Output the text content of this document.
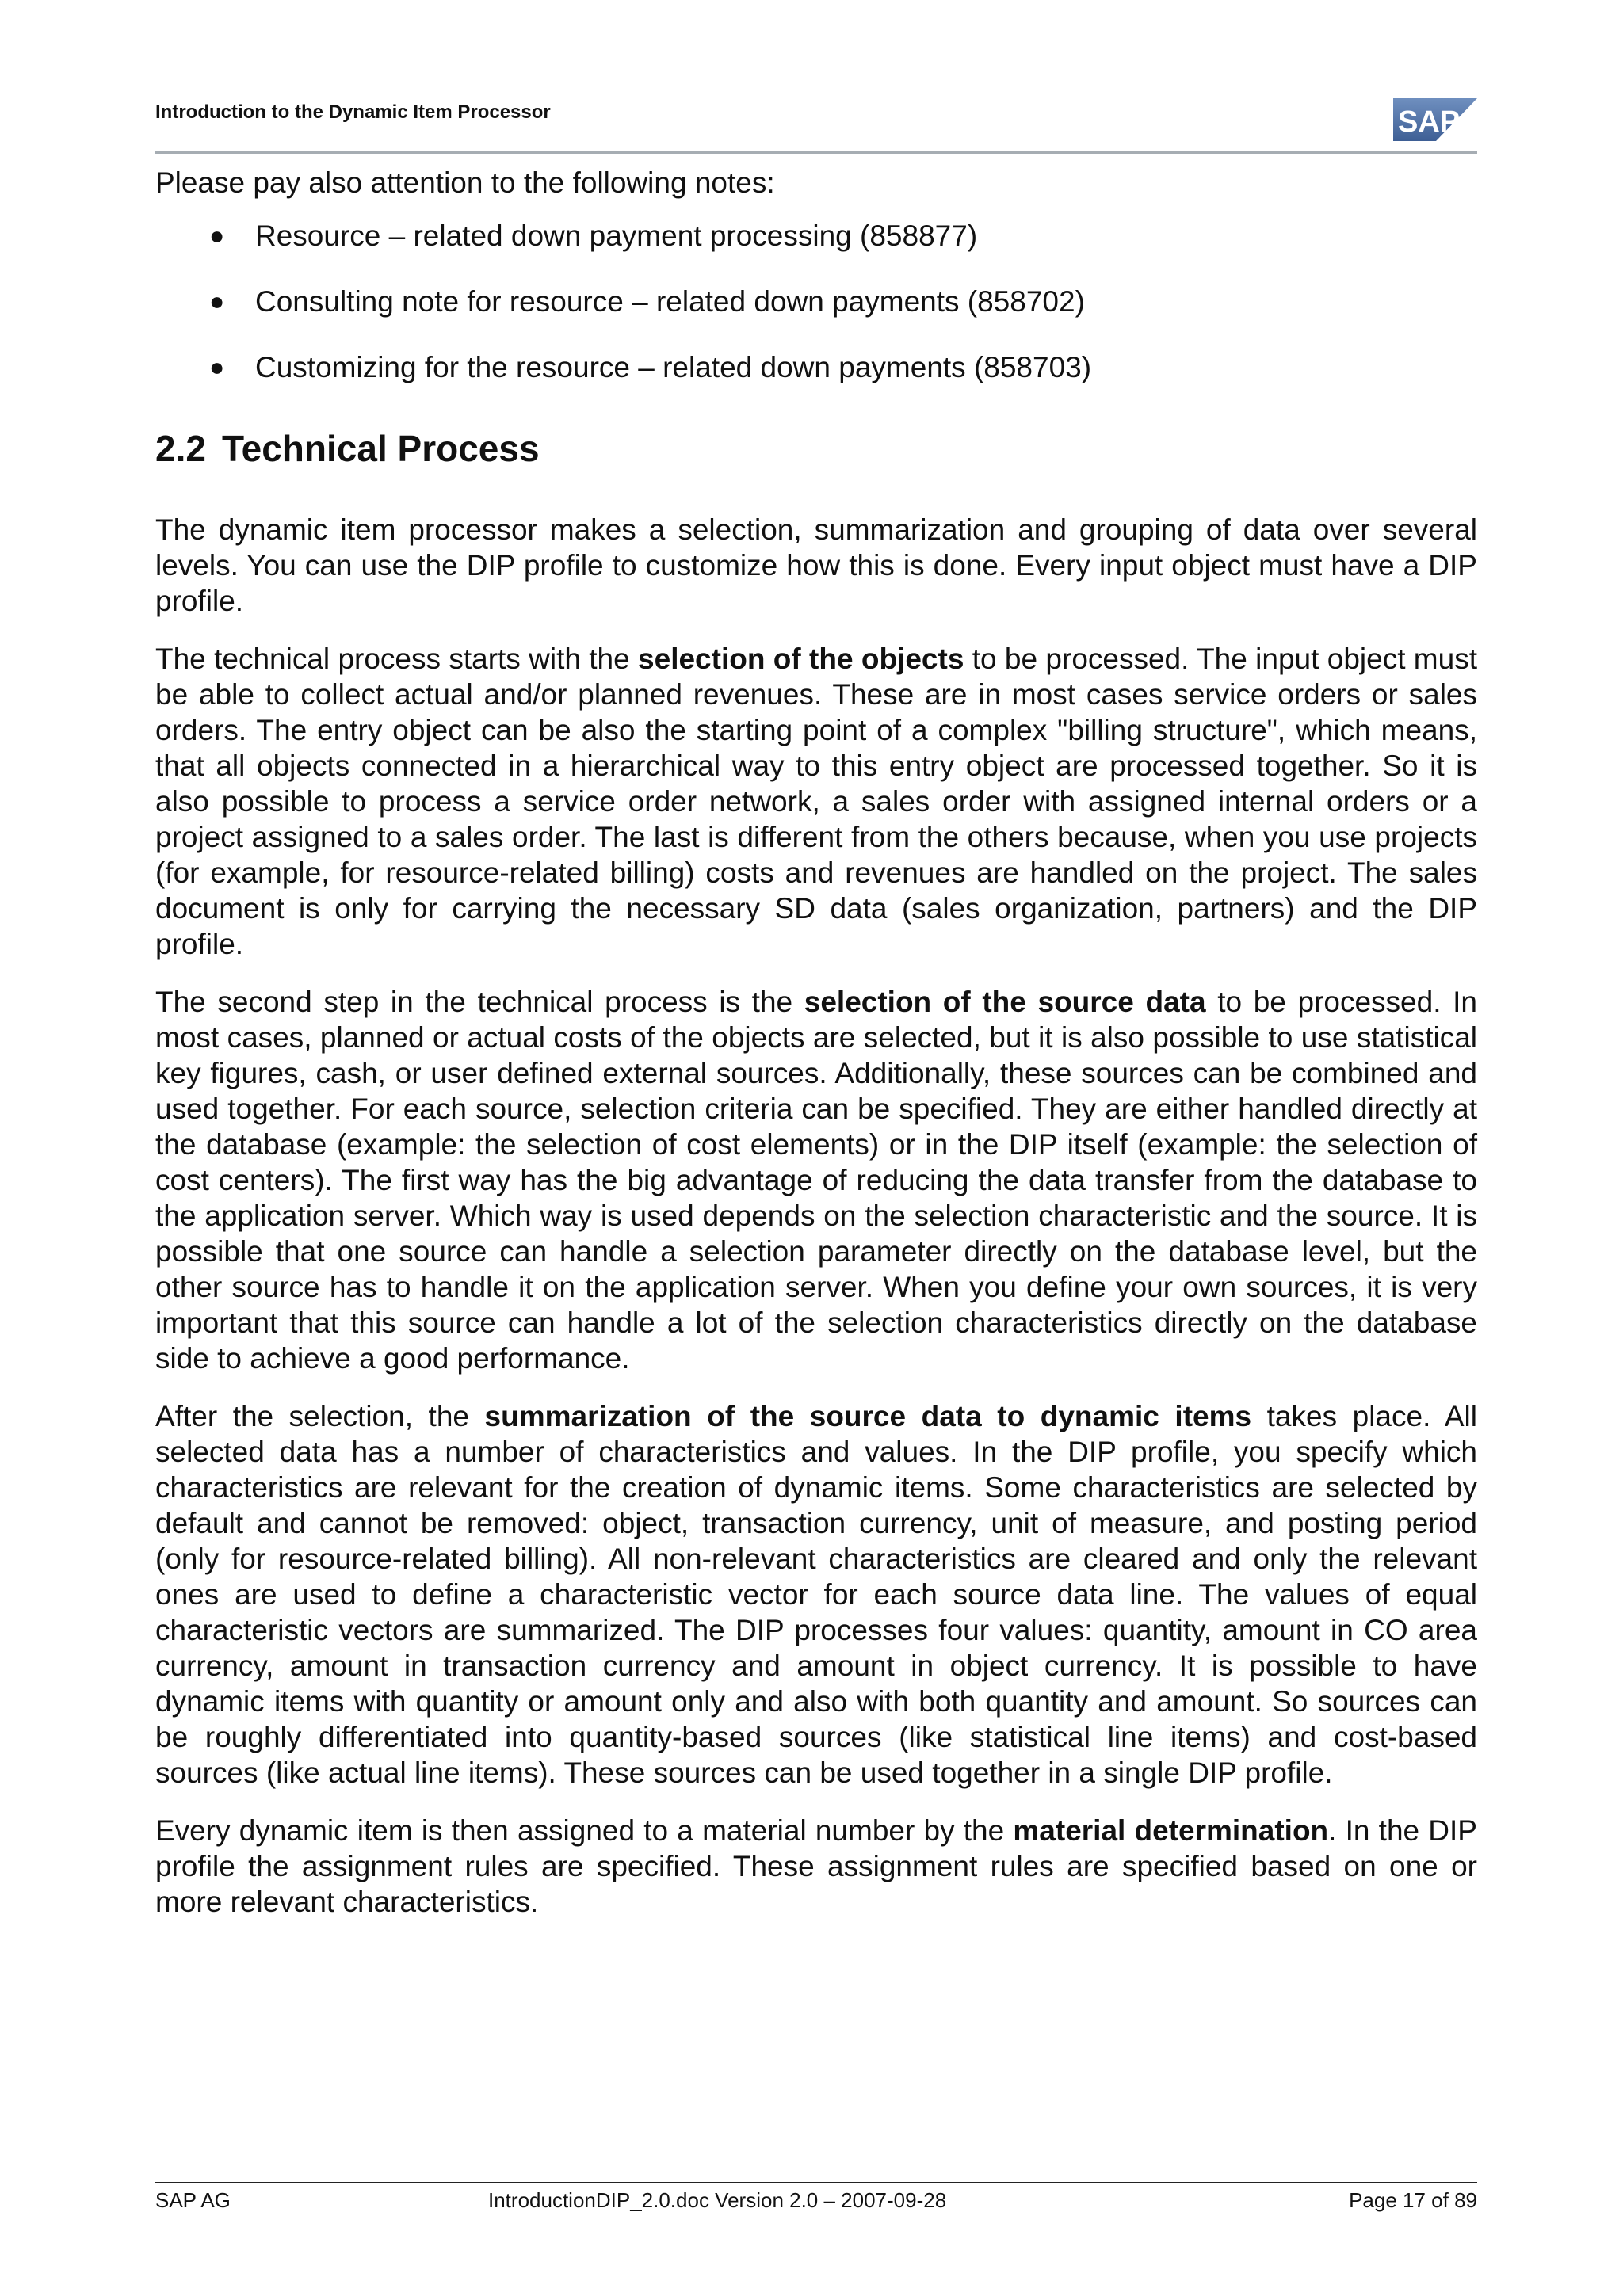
Introduction to the Dynamic Item Processor	SAP

Please pay also attention to the following notes:

● Resource – related down payment processing (858877)
● Consulting note for resource – related down payments (858702)
● Customizing for the resource – related down payments (858703)
2.2 Technical Process

The dynamic item processor makes a selection, summarization and grouping of data over several levels. You can use the DIP profile to customize how this is done. Every input object must have a DIP profile.

The technical process starts with the selection of the objects to be processed. The input object must be able to collect actual and/or planned revenues. These are in most cases service orders or sales orders. The entry object can be also the starting point of a complex "billing structure", which means, that all objects connected in a hierarchical way to this entry object are processed together. So it is also possible to process a service order network, a sales order with assigned internal orders or a project assigned to a sales order. The last is different from the others because, when you use projects (for example, for resource-related billing) costs and revenues are handled on the project. The sales document is only for carrying the necessary SD data (sales organization, partners) and the DIP profile.

The second step in the technical process is the selection of the source data to be processed. In most cases, planned or actual costs of the objects are selected, but it is also possible to use statistical key figures, cash, or user defined external sources. Additionally, these sources can be combined and used together. For each source, selection criteria can be specified. They are either handled directly at the database (example: the selection of cost elements) or in the DIP itself (example: the selection of cost centers). The first way has the big advantage of reducing the data transfer from the database to the application server. Which way is used depends on the selection characteristic and the source. It is possible that one source can handle a selection parameter directly on the database level, but the other source has to handle it on the application server. When you define your own sources, it is very important that this source can handle a lot of the selection characteristics directly on the database side to achieve a good performance.

After the selection, the summarization of the source data to dynamic items takes place. All selected data has a number of characteristics and values. In the DIP profile, you specify which characteristics are relevant for the creation of dynamic items. Some characteristics are selected by default and cannot be removed: object, transaction currency, unit of measure, and posting period (only for resource-related billing). All non-relevant characteristics are cleared and only the relevant ones are used to define a characteristic vector for each source data line. The values of equal characteristic vectors are summarized. The DIP processes four values: quantity, amount in CO area currency, amount in transaction currency and amount in object currency. It is possible to have dynamic items with quantity or amount only and also with both quantity and amount. So sources can be roughly differentiated into quantity-based sources (like statistical line items) and cost-based sources (like actual line items). These sources can be used together in a single DIP profile.

Every dynamic item is then assigned to a material number by the material determination. In the DIP profile the assignment rules are specified. These assignment rules are specified based on one or more relevant characteristics.

SAP AG	IntroductionDIP_2.0.doc Version 2.0 – 2007-09-28	Page 17 of 89
